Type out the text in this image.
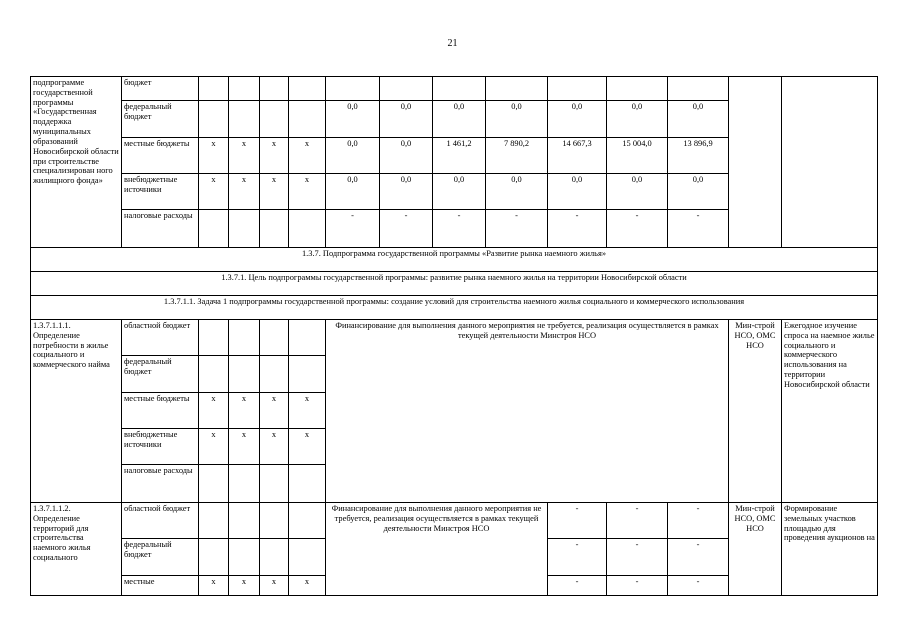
21
подпрограмме государственной программы «Государственная поддержка муниципальных образований Новосибирской области при строительстве специализирован ного жилищного фонда»	бюджет													
	федеральный бюджет					0,0	0,0	0,0	0,0	0,0	0,0	0,0		
	местные бюджеты	x	x	x	x	0,0	0,0	1 461,2	7 890,2	14 667,3	15 004,0	13 896,9		
	внебюджетные источники	x	x	x	x	0,0	0,0	0,0	0,0	0,0	0,0	0,0		
	налоговые расходы					-	-	-	-	-	-	-		
1.3.7. Подпрограмма государственной программы «Развитие рынка наемного жилья»														
1.3.7.1. Цель подпрограммы государственной программы: развитие рынка наемного жилья на территории Новосибирской области														
1.3.7.1.1. Задача 1 подпрограммы государственной программы: создание условий для строительства наемного жилья социального и коммерческого использования														
1.3.7.1.1.1. Определение потребности в жилье социального и коммерческого найма	областной бюджет					Финансирование для выполнения данного мероприятия не требуется, реализация осуществляется в рамках текущей деятельности Минстроя НСО							Мин-строй НСО, ОМС НСО	Ежегодное изучение спроса на наемное жилье социального и коммерческого использования на территории Новосибирской области
	федеральный бюджет													
	местные бюджеты	x	x	x	x									
	внебюджетные источники	x	x	x	x									
	налоговые расходы													
1.3.7.1.1.2. Определение территорий для строительства наемного жилья социального	областной бюджет					Финансирование для выполнения данного мероприятия не требуется, реализация осуществляется в рамках текущей деятельности Минстроя НСО				-	-	-	Мин-строй НСО, ОМС НСО	Формирование земельных участков площадью для проведения аукционов на
	федеральный бюджет									-	-	-		
	местные	x	x	x	x					-	-	-		
